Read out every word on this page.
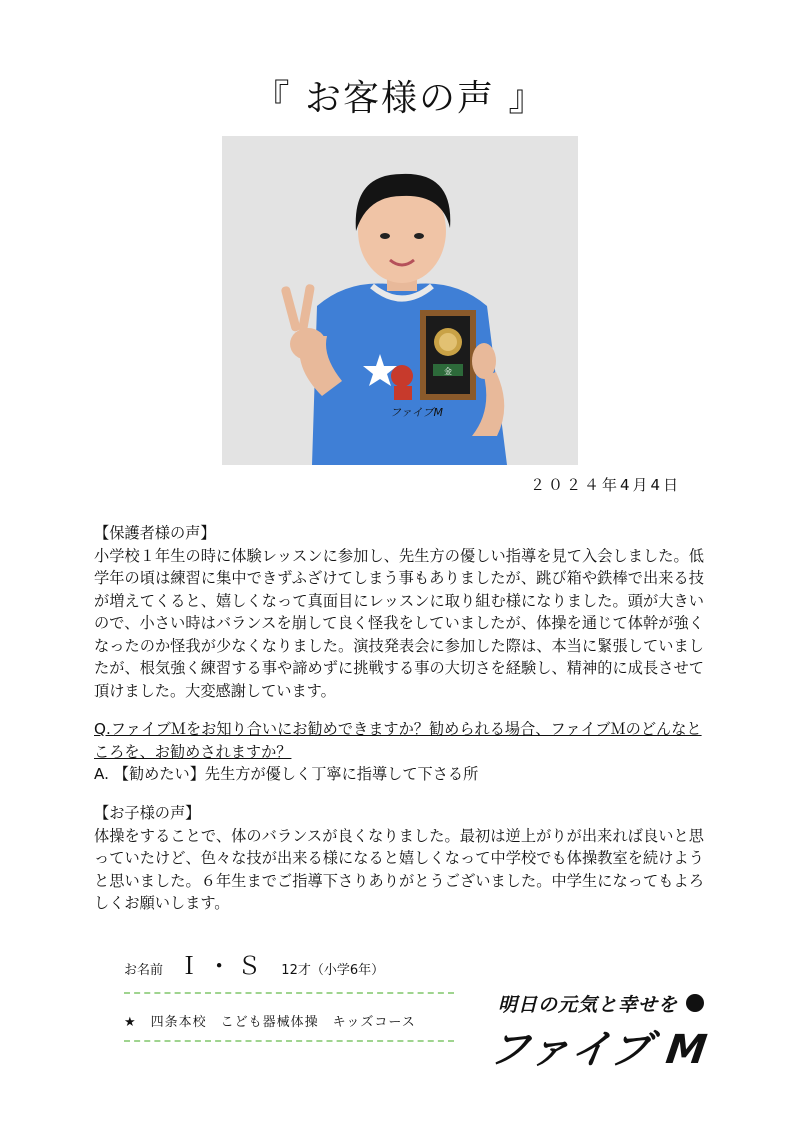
『 お客様の声 』
ファイブM
金
２０２４年4月4日

【保護者様の声】

小学校１年生の時に体験レッスンに参加し、先生方の優しい指導を見て入会しました。低学年の頃は練習に集中できずふざけてしまう事もありましたが、跳び箱や鉄棒で出来る技が増えてくると、嬉しくなって真面目にレッスンに取り組む様になりました。頭が大きいので、小さい時はバランスを崩して良く怪我をしていましたが、体操を通じて体幹が強くなったのか怪我が少なくなりました。演技発表会に参加した際は、本当に緊張していましたが、根気強く練習する事や諦めずに挑戦する事の大切さを経験し、精神的に成長させて頂けました。大変感謝しています。

Q.ファイブＭをお知り合いにお勧めできますか？勧められる場合、ファイブＭのどんなところを、お勧めされますか？

A. 【勧めたい】先生方が優しく丁寧に指導して下さる所

【お子様の声】

体操をすることで、体のバランスが良くなりました。最初は逆上がりが出来れば良いと思っていたけど、色々な技が出来る様になると嬉しくなって中学校でも体操教室を続けようと思いました。６年生までご指導下さりありがとうございました。中学生になってもよろしくお願いします。

お名前 Ｉ・Ｓ 12才（小学6年）
★　四条本校　こども器械体操　キッズコース
明日の元気と幸せを
ファイブ M
